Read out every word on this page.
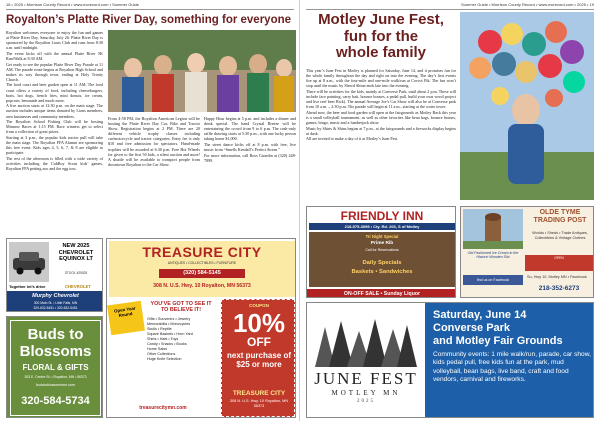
18 • 2025 • Morrison County Record • www.mcrecord.com • Summer Guide
Royalton’s Platte River Day, something for everyone

Royalton welcomes everyone to enjoy the fun and games at Platte River Day, Saturday, July 26. Platte River Day is sponsored by the Royalton Lions Club and runs from 8:30 a.m. until midnight.

The event kicks off with the annual Platte River 5K Run/Walk at 8:30 AM.

Get ready to see the popular Platte River Day Parade at 11 AM. The parade route begins at Royalton High School and makes its way through town, ending at Holy Trinity Church.

The food court and beer garden open at 11 AM. The food court offers a variety of food, including cheeseburgers, brats, hot dogs, french fries, mini donuts, ice cream, popcorn, lemonade and much more.

A live auction starts at 12:30 p.m. on the main stage. The auction includes unique items donated by Lions members, area businesses and community members.

The Royalton School Fishing Club will be hosting Minnow Races at 1:15 PM. Race winners get to select from a collection of great prizes.

Starting at 3 p.m., the popular kids tractor pull will take the main stage. The Royalton FFA Alumni are sponsoring this free event. Kids ages 4, 5, 6, 7, & 8 are eligible to participate.

The rest of the afternoon is filled with a wide variety of activities including the CubBoy Scout kids’ games, Royalton FFA petting zoo and the egg toss.

From 4-58 PM, the Royalton American Legion will be hosting the Platte River Day Car, Bike and Tractor Show. Registration begins at 2 PM. There are 20 different vehicle trophy classes including car/motorcycle and tractor categories. Entry fee is only $10 and free admission for spectators. Hand-made trophies will be awarded at 6:30 p.m. Free Hot Wheels for given to the first 50 kids, a silent auction and more! A shuttle will be available to transport people from downtown Royalton to the Car Show.

Happy Hour begins at 5 p.m. and includes a dinner and drink special. The band Crystal Breeze will be entertaining the crowd from 9 to 6 p.m. The cash-only raffle drawing starts at 5:30 p.m., with one lucky person taking home $1,000.

The street dance kicks off at 8 p.m. with free, live music from “Smells Kendall’s Perfect Storm.”

For more information, call Ross Girardin at (320) 248-7899.

NEW 2025 CHEVROLET EQUINOX LT
STOCK #25025
Together let’s drive	CHEVROLET
Murphy Chevrolet
300 Main St. • Little Falls, MN
320-632-5451 • 320-632-5451
Buds to
Blossoms
FLORAL & GIFTS
303 E. Centre St. • Royalton, MN • 56373
budstoblossomsmn.com
320-584-5734
TREASURE CITY
ANTIQUES • COLLECTIBLES • FURNITURE
(320) 584-5145
308 N. U.S. Hwy. 10 Royalton, MN 56373
Open Year Round
YOU’VE GOT TO SEE IT TO BELIEVE IT!
Gifts • Souvenirs • Jewelry
Memorabilia • Motorcycles
Skulls • Reptile
Square Baskets • Horn Yard
Shirts • Hats • Toys
Candy • Snacks • Books
Home Sales
Other Collections
Huge Knife Selection
treasurecitymn.com
COUPON
10%
OFF
next purchase of $25 or more
TREASURE CITY
308 N. U.S. Hwy. 10 Royalton, MN 56373
Summer Guide • Morrison County Record • www.mcrecord.com • 2025 • 19
Motley June Fest,
fun for the
whole family

This year’s June Fest in Motley is planned for Saturday, June 14, and it promises fun for the whole family throughout the day and right on into the evening. The day’s first events fire up at 8 a.m., with the four-mile and one-mile walk/run at Corvoi Pik. The fun won’t stop until the music by Shrwd Shinn ends late into the evening.

There will be activities for the kids, mainly at Converse Park, until about 2 p.m. These will include face painting, carry bait, bounce houses, a pedal pull, build your own wood project and live reef beer Rick). The annual Average Joe’s Car Show will also be at Converse park from 10 a.m. – 2:30 p.m. The parade will begin at 11 a.m., starting at the water tower.

Ahead now, the beer and food garden will open at the fairgrounds as Motley Back this year is a small volleyball tournament, as well as other favorites like bean bags, bounce houses, games, bingo, music and a lumberjack show.

Music by Shirts & Shins begins at 7 p.m., at the fairgrounds and a fireworks display begins at dusk.

All are invited to make a day of it at Motley’s June Fest.

FRIENDLY INN
218-575-3095 • Cty. Rd. 203, S of Motley
Tri Night Special
Prime Rib
Call for Reservations
Daily Specials
Baskets • Sandwiches
ON-OFF SALE • Sunday Liquor
OLDE TYME TRADING POST
Old Fashioned Ice Cream in the Historic Wooden Silo
Worlds • Sheds • Trade Antiques, Collectibles & Vintage Clothes
OPEN
find us on Facebook
Su, Hwy 10, Motley MN • Facebook
218-352-6273
JUNE FEST
MOTLEY MN
2025
Saturday, June 14
Converse Park
and Motley Fair Grounds
Community events: 1 mile walk/run, parade, car show, kids pedal pull, free kids fun at the park, mud volleyball, bean bags, live band, craft and food vendors, carnival and fireworks.
